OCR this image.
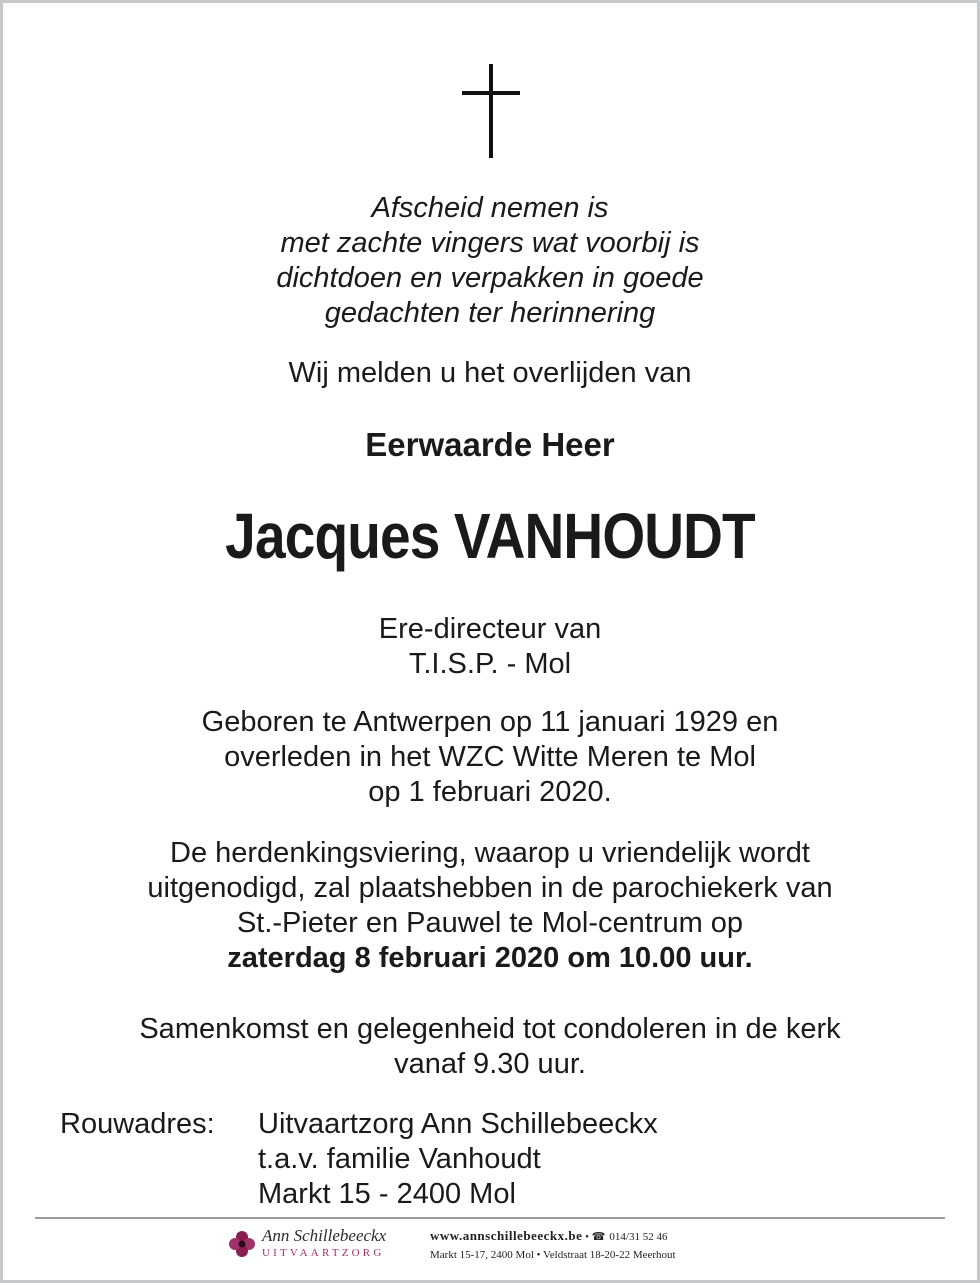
Afscheid nemen is
met zachte vingers wat voorbij is
dichtdoen en verpakken in goede
gedachten ter herinnering
Wij melden u het overlijden van
Eerwaarde Heer
Jacques VANHOUDT
Ere-directeur van
T.I.S.P. - Mol
Geboren te Antwerpen op 11 januari 1929 en
overleden in het WZC Witte Meren te Mol
op 1 februari 2020.
De herdenkingsviering, waarop u vriendelijk wordt
uitgenodigd, zal plaatshebben in de parochiekerk van
St.-Pieter en Pauwel te Mol-centrum op
zaterdag 8 februari 2020 om 10.00 uur.
Samenkomst en gelegenheid tot condoleren in de kerk
vanaf 9.30 uur.
Rouwadres: Uitvaartzorg Ann Schillebeeckx
t.a.v. familie Vanhoudt
Markt 15 - 2400 Mol
Ann Schillebeeckx
UITVAARTZORG
www.annschillebeeckx.be • ☎ 014/31 52 46
Markt 15-17, 2400 Mol • Veldstraat 18-20-22 Meerhout
